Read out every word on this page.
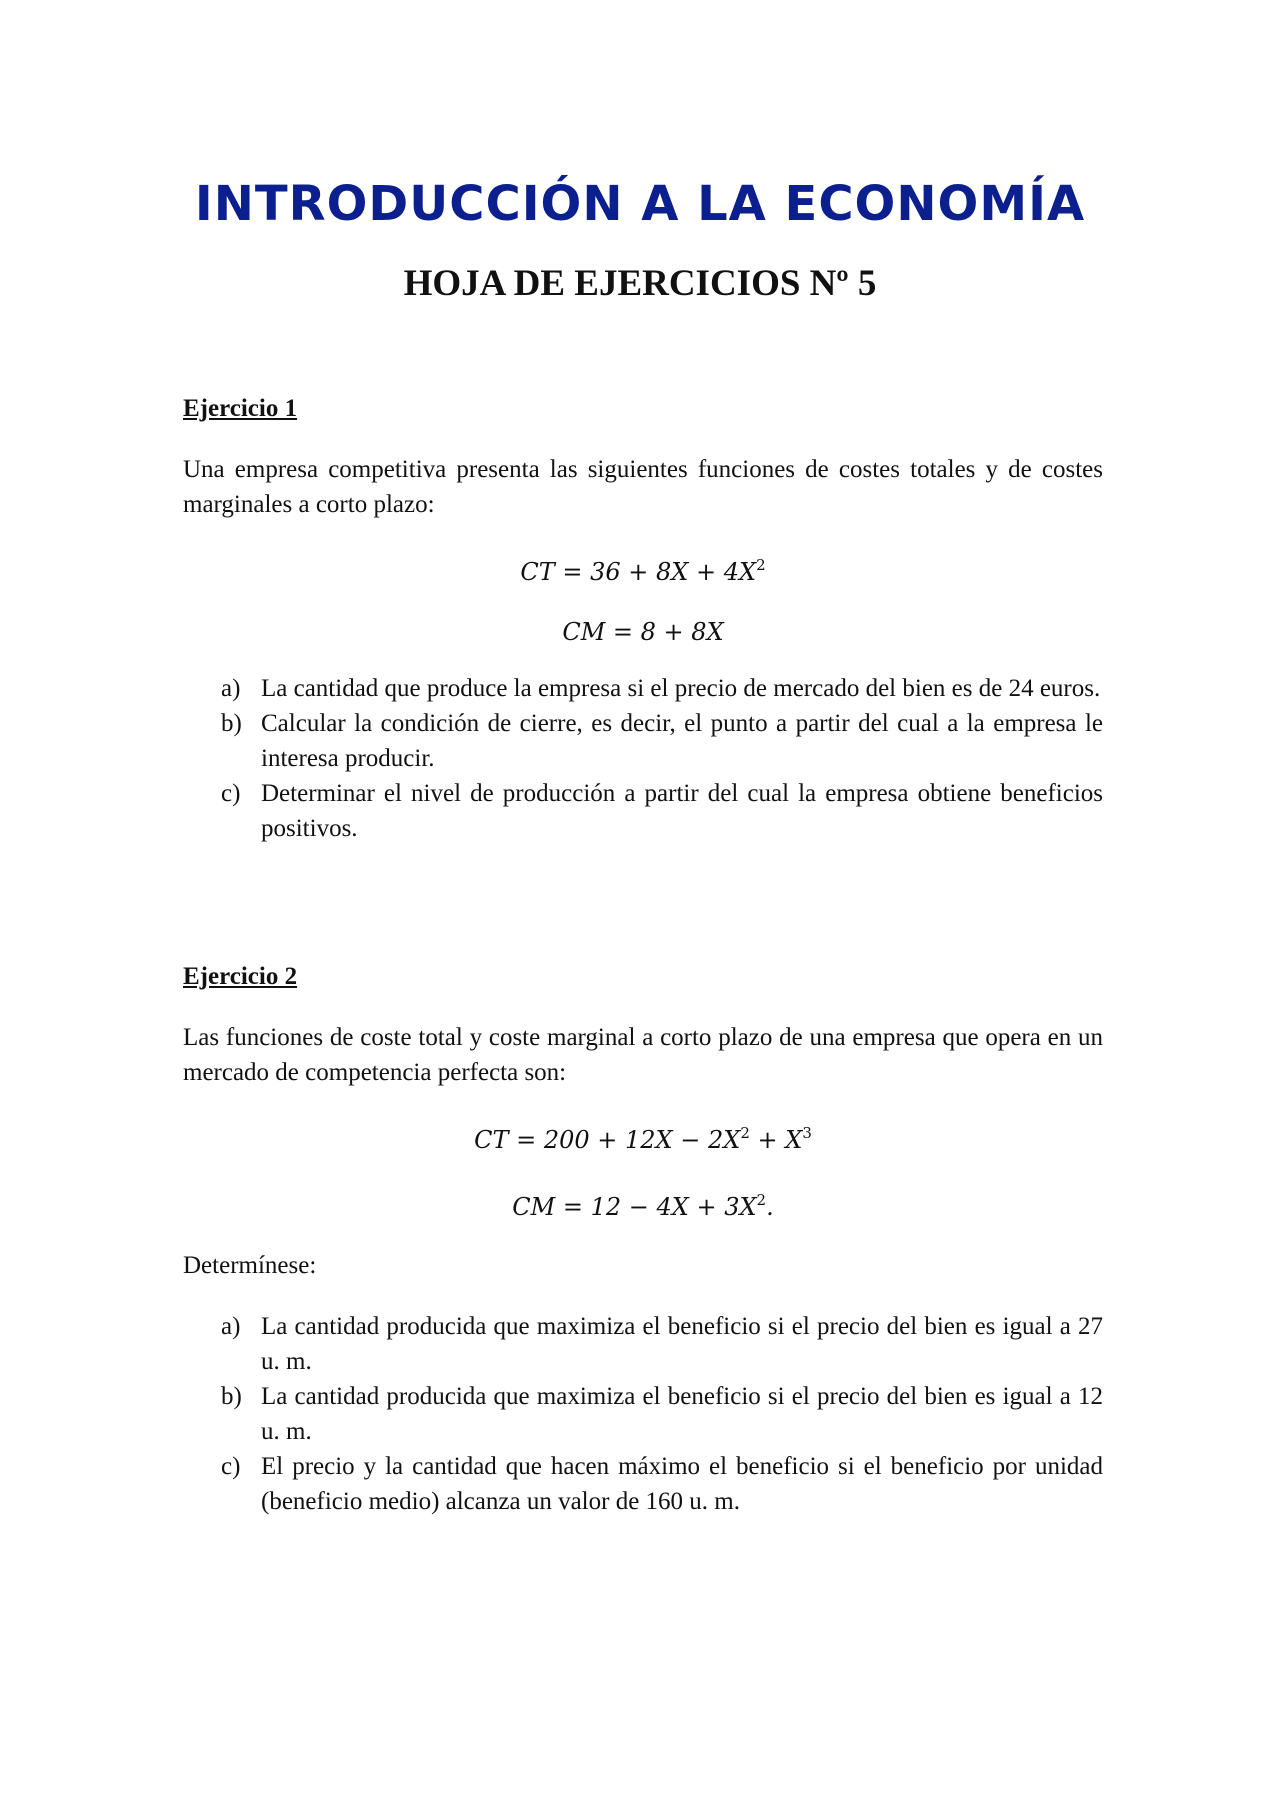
INTRODUCCIÓN A LA ECONOMÍA
HOJA DE EJERCICIOS Nº 5

Ejercicio 1

Una empresa competitiva presenta las siguientes funciones de costes totales y de costes marginales a corto plazo:

CT = $36 + 8X + 4X^2$

CM = 8 + 8X

a) La cantidad que produce la empresa si el precio de mercado del bien es de 24 euros.
b) Calcular la condición de cierre, es decir, el punto a partir del cual a la empresa le interesa producir.
c) Determinar el nivel de producción a partir del cual la empresa obtiene beneficios positivos.

Ejercicio 2

Las funciones de coste total y coste marginal a corto plazo de una empresa que opera en un mercado de competencia perfecta son:

CT = $200 + 12X - 2X^2 + X^3$

CM = $12 - 4X + 3X^2$.

Determínese:

a) La cantidad producida que maximiza el beneficio si el precio del bien es igual a 27 u. m.
b) La cantidad producida que maximiza el beneficio si el precio del bien es igual a 12 u. m.
c) El precio y la cantidad que hacen máximo el beneficio si el beneficio por unidad (beneficio medio) alcanza un valor de 160 u. m.
